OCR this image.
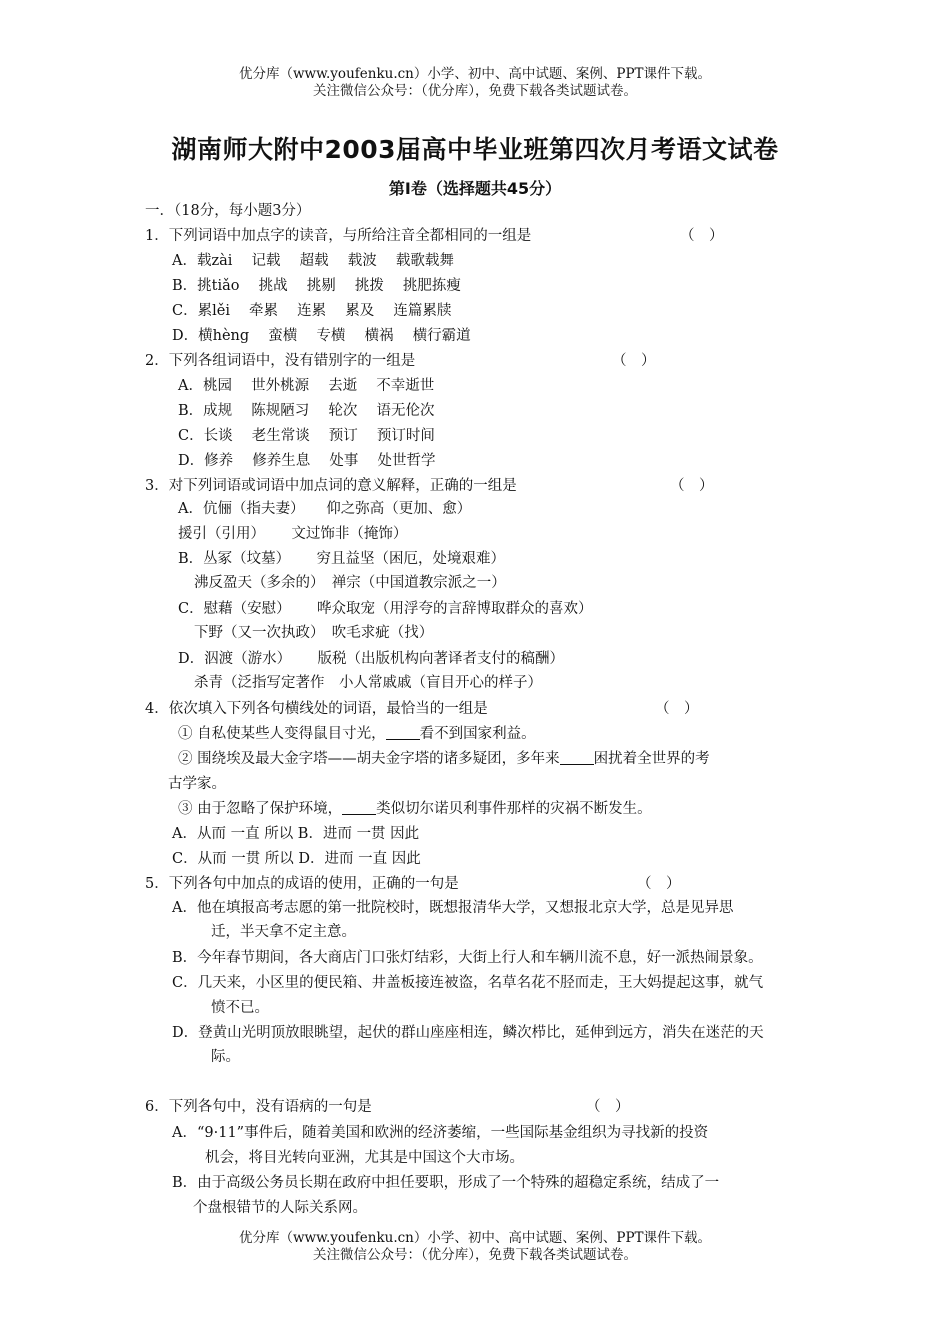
优分库（www.youfenku.cn）小学、初中、高中试题、案例、PPT课件下载。
关注微信公众号：（优分库），免费下载各类试题试卷。
湖南师大附中2003届高中毕业班第四次月考语文试卷
第Ⅰ卷（选择题共45分）
一．（18分，每小题3分）
1．下列词语中加点字的读音，与所给注音全都相同的一组是	（　）
A．载zài　 记载　 超载　 载波　 载歌载舞
B．挑tiǎo　 挑战　 挑剔　 挑拨　 挑肥拣瘦
C．累lěi　 牵累　 连累　 累及　 连篇累牍
D．横hèng　 蛮横　 专横　 横祸　 横行霸道
2．下列各组词语中，没有错别字的一组是	（　）
A．桃园　 世外桃源　 去逝　 不幸逝世
B．成规　 陈规陋习　 轮次　 语无伦次
C．长谈　 老生常谈　 预订　 预订时间
D．修养　 修养生息　 处事　 处世哲学
3．对下列词语或词语中加点词的意义解释，正确的一组是	（　）
A．伉俪（指夫妻）　　仰之弥高（更加、愈）
援引（引用）　　 文过饰非（掩饰）
B．丛冢（坟墓）　　 穷且益坚（困厄，处境艰难）
沸反盈天（多余的）　禅宗（中国道教宗派之一）
C．慰藉（安慰）　　 哗众取宠（用浮夸的言辞博取群众的喜欢）
下野（又一次执政）　吹毛求疵（找）
D．泅渡（游水）　　 版税（出版机构向著译者支付的稿酬）
杀青（泛指写定著作　小人常戚戚（盲目开心的样子）
4．依次填入下列各句横线处的词语，最恰当的一组是	（　）
① 自私使某些人变得鼠目寸光， 看不到国家利益。
② 围绕埃及最大金字塔——胡夫金字塔的诸多疑团，多年来 困扰着全世界的考
古学家。
③ 由于忽略了保护环境， 类似切尔诺贝利事件那样的灾祸不断发生。
A．从而 一直 所以 B．进而 一贯 因此
C．从而 一贯 所以 D．进而 一直 因此
5．下列各句中加点的成语的使用，正确的一句是	（　）
A．他在填报高考志愿的第一批院校时，既想报清华大学，又想报北京大学，总是见异思
迁，半天拿不定主意。
B．今年春节期间，各大商店门口张灯结彩，大街上行人和车辆川流不息，好一派热闹景象。
C．几天来，小区里的便民箱、井盖板接连被盗，名草名花不胫而走，王大妈提起这事，就气
愤不已。
D．登黄山光明顶放眼眺望，起伏的群山座座相连，鳞次栉比，延伸到远方，消失在迷茫的天
际。
6．下列各句中，没有语病的一句是	（　）
A．“9·11”事件后，随着美国和欧洲的经济萎缩，一些国际基金组织为寻找新的投资
机会，将目光转向亚洲，尤其是中国这个大市场。
B．由于高级公务员长期在政府中担任要职，形成了一个特殊的超稳定系统，结成了一
个盘根错节的人际关系网。
优分库（www.youfenku.cn）小学、初中、高中试题、案例、PPT课件下载。
关注微信公众号：（优分库），免费下载各类试题试卷。
